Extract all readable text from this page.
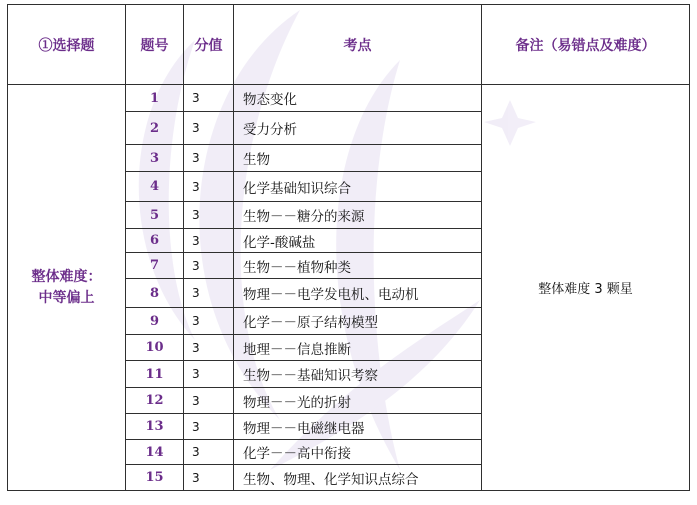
①选择题	题号	分值	考点	备注（易错点及难度）

整体难度：
中等偏上	1	3	物态变化	整体难度 3 颗星
	2	3	受力分析	
	3	3	生物	
	4	3	化学基础知识综合	
	5	3	生物－－糖分的来源	
	6	3	化学-酸碱盐	
	7	3	生物－－植物种类	
	8	3	物理－－电学发电机、电动机	
	9	3	化学－－原子结构模型	
	10	3	地理－－信息推断	
	11	3	生物－－基础知识考察	
	12	3	物理－－光的折射	
	13	3	物理－－电磁继电器	
	14	3	化学－－高中衔接	
	15	3	生物、物理、化学知识点综合	
